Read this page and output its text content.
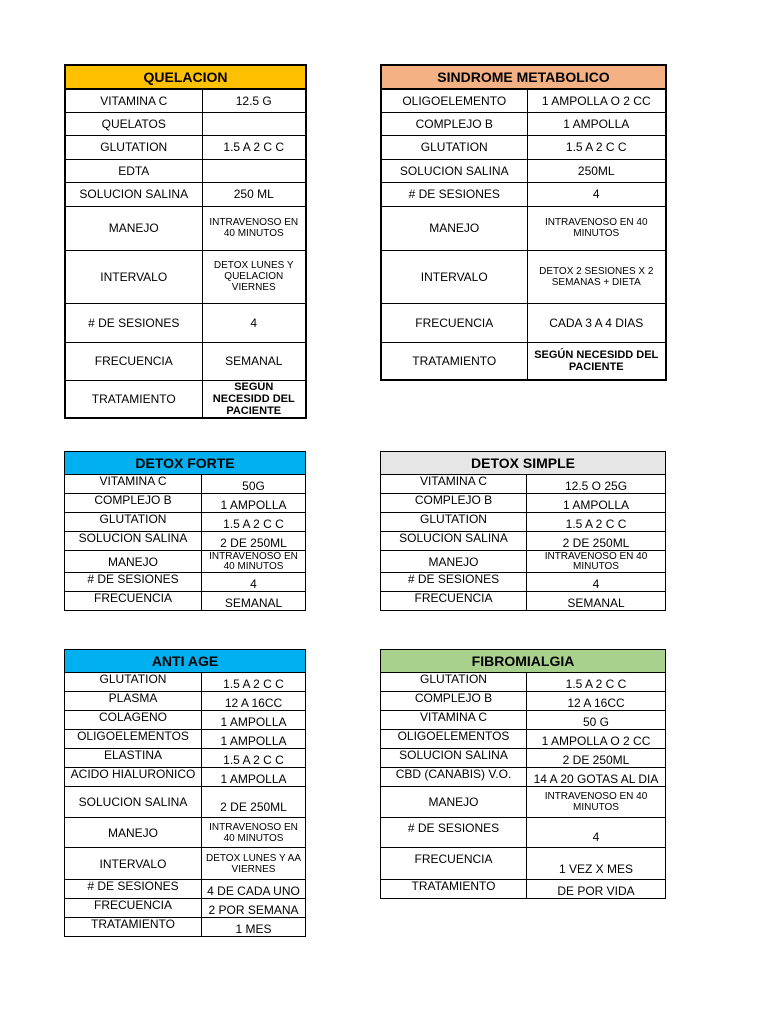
QUELACION	
VITAMINA C	12.5 G
QUELATOS	
GLUTATION	1.5 A 2 C C
EDTA	
SOLUCION SALINA	250 ML
MANEJO	INTRAVENOSO EN 40 MINUTOS
INTERVALO	DETOX LUNES Y QUELACION VIERNES
# DE SESIONES	4
FRECUENCIA	SEMANAL
TRATAMIENTO	SEGÚN NECESIDD DEL PACIENTE
SINDROME METABOLICO	
OLIGOELEMENTO	1 AMPOLLA O 2 CC
COMPLEJO B	1 AMPOLLA
GLUTATION	1.5 A 2 C C
SOLUCION SALINA	250ML
# DE SESIONES	4
MANEJO	INTRAVENOSO EN 40 MINUTOS
INTERVALO	DETOX 2 SESIONES X 2 SEMANAS + DIETA
FRECUENCIA	CADA 3 A 4 DIAS
TRATAMIENTO	SEGÚN NECESIDD DEL PACIENTE
DETOX FORTE	
VITAMINA C	50G
COMPLEJO B	1 AMPOLLA
GLUTATION	1.5 A 2 C C
SOLUCION SALINA	2 DE 250ML
MANEJO	INTRAVENOSO EN 40 MINUTOS
# DE SESIONES	4
FRECUENCIA	SEMANAL
DETOX SIMPLE	
VITAMINA C	12.5 O 25G
COMPLEJO B	1 AMPOLLA
GLUTATION	1.5 A 2 C C
SOLUCION SALINA	2 DE 250ML
MANEJO	INTRAVENOSO EN 40 MINUTOS
# DE SESIONES	4
FRECUENCIA	SEMANAL
ANTI AGE	
GLUTATION	1.5 A 2 C C
PLASMA	12 A 16CC
COLAGENO	1 AMPOLLA
OLIGOELEMENTOS	1 AMPOLLA
ELASTINA	1.5 A 2 C C
ACIDO HIALURONICO	1 AMPOLLA
SOLUCION SALINA	2 DE 250ML
MANEJO	INTRAVENOSO EN 40 MINUTOS
INTERVALO	DETOX LUNES Y AA VIERNES
# DE SESIONES	4 DE CADA UNO
FRECUENCIA	2 POR SEMANA
TRATAMIENTO	1 MES
FIBROMIALGIA	
GLUTATION	1.5 A 2 C C
COMPLEJO B	12 A 16CC
VITAMINA C	50 G
OLIGOELEMENTOS	1 AMPOLLA O 2 CC
SOLUCION SALINA	2 DE 250ML
CBD (CANABIS) V.O.	14 A 20 GOTAS AL DIA
MANEJO	INTRAVENOSO EN 40 MINUTOS
# DE SESIONES	4
FRECUENCIA	1 VEZ X MES
TRATAMIENTO	DE POR VIDA
